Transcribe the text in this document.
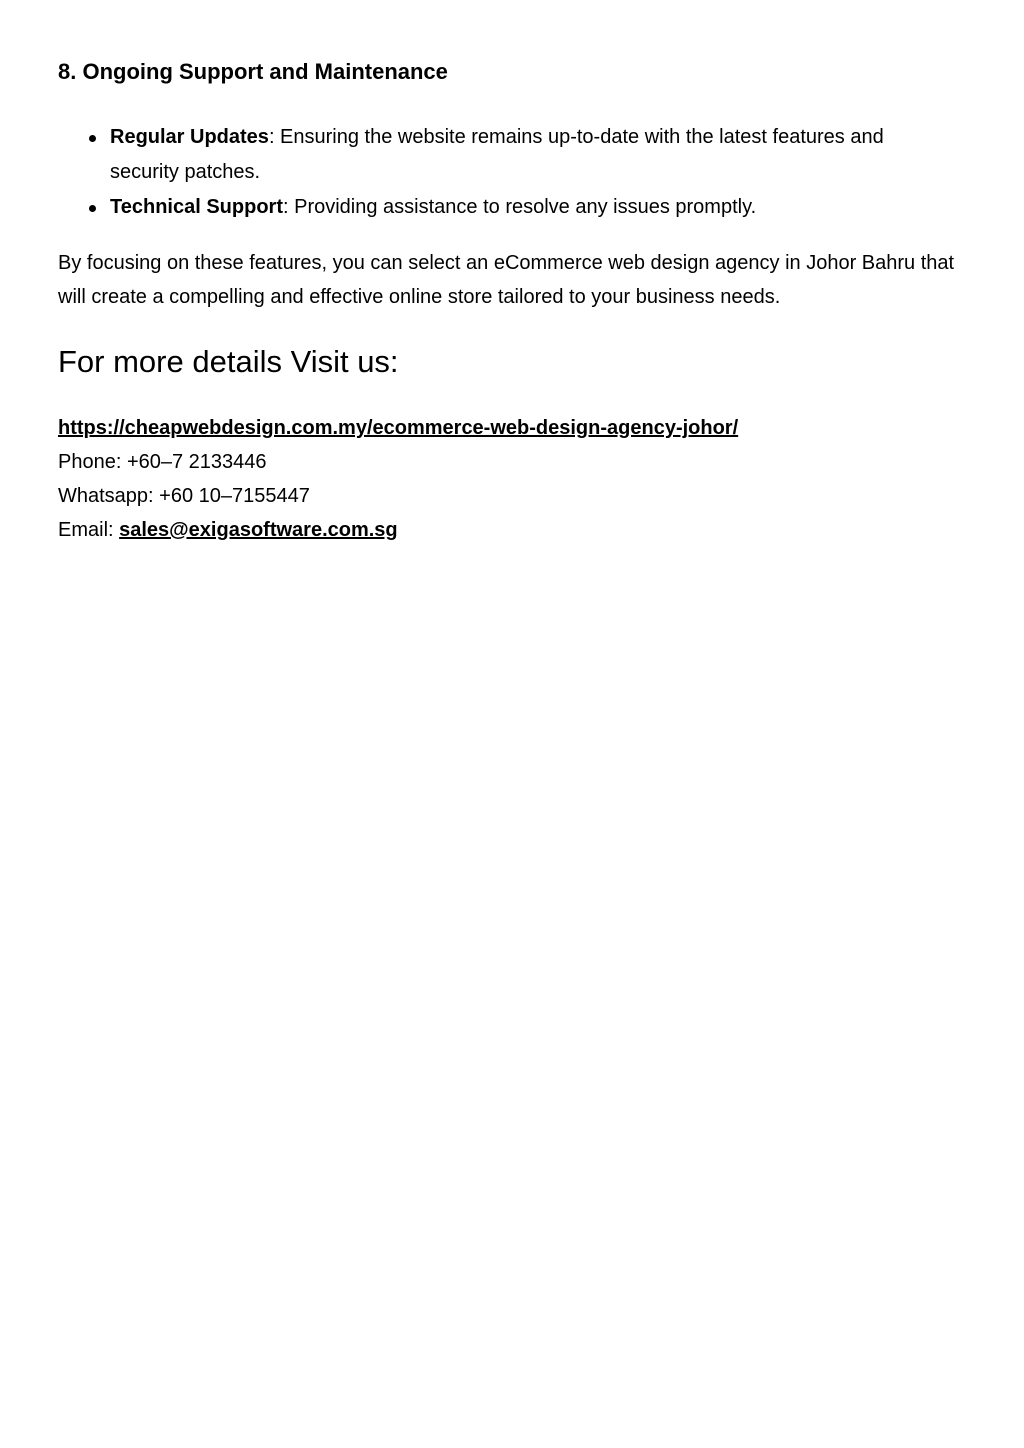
8. Ongoing Support and Maintenance
Regular Updates: Ensuring the website remains up-to-date with the latest features and security patches.
Technical Support: Providing assistance to resolve any issues promptly.

By focusing on these features, you can select an eCommerce web design agency in Johor Bahru that will create a compelling and effective online store tailored to your business needs.

For more details Visit us:
https://cheapwebdesign.com.my/ecommerce-web-design-agency-johor/
Phone: +60–7 2133446
Whatsapp: +60 10–7155447
Email: sales@exigasoftware.com.sg
